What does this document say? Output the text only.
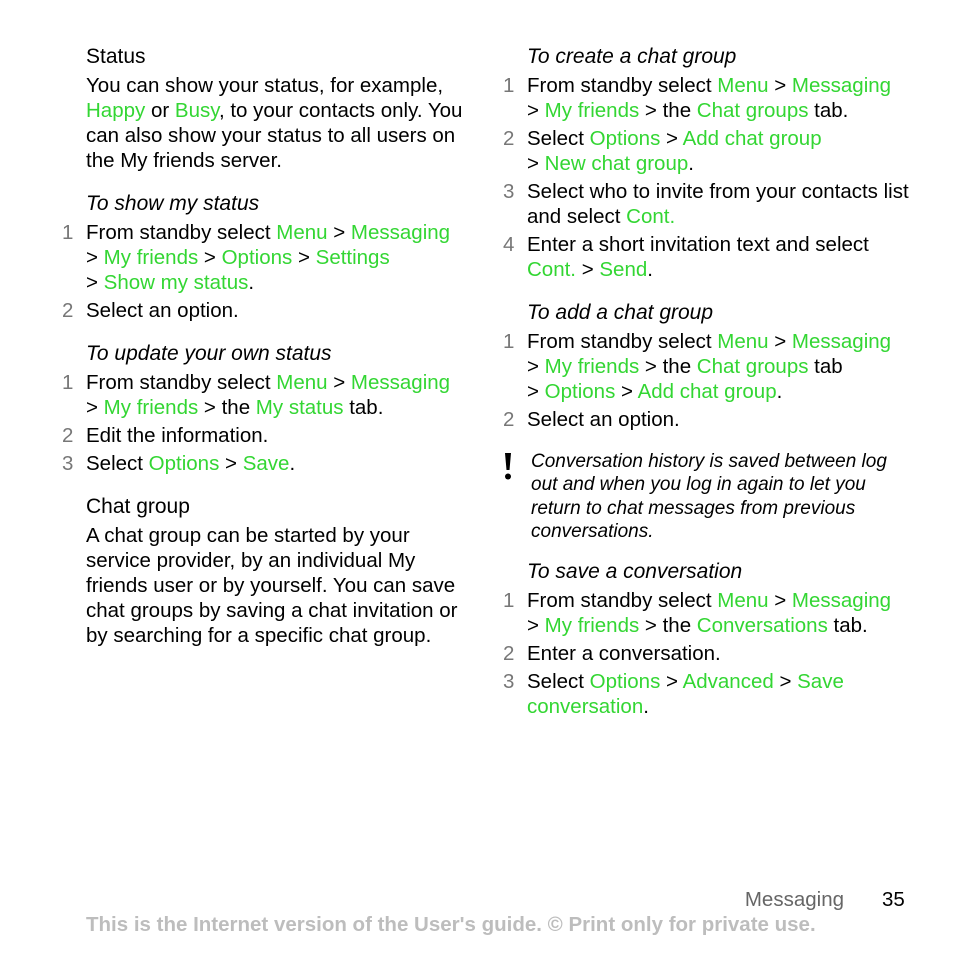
Status

You can show your status, for example, Happy or Busy, to your contacts only. You can also show your status to all users on the My friends server.

To show my status
1 From standby select Menu > Messaging > My friends > Options > Settings
> Show my status.
2 Select an option.
To update your own status
1 From standby select Menu > Messaging
> My friends > the My status tab.
2 Edit the information.
3 Select Options > Save.
Chat group

A chat group can be started by your service provider, by an individual My friends user or by yourself. You can save chat groups by saving a chat invitation or by searching for a specific chat group.

To create a chat group
1 From standby select Menu > Messaging
> My friends > the Chat groups tab.
2 Select Options > Add chat group
> New chat group.
3 Select who to invite from your contacts list and select Cont.
4 Enter a short invitation text and select Cont. > Send.
To add a chat group
1 From standby select Menu > Messaging
> My friends > the Chat groups tab
> Options > Add chat group.
2 Select an option.
Conversation history is saved between log out and when you log in again to let you return to chat messages from previous conversations.
To save a conversation
1 From standby select Menu > Messaging
> My friends > the Conversations tab.
2 Enter a conversation.
3 Select Options > Advanced > Save conversation.
Messaging 35
This is the Internet version of the User's guide. © Print only for private use.
